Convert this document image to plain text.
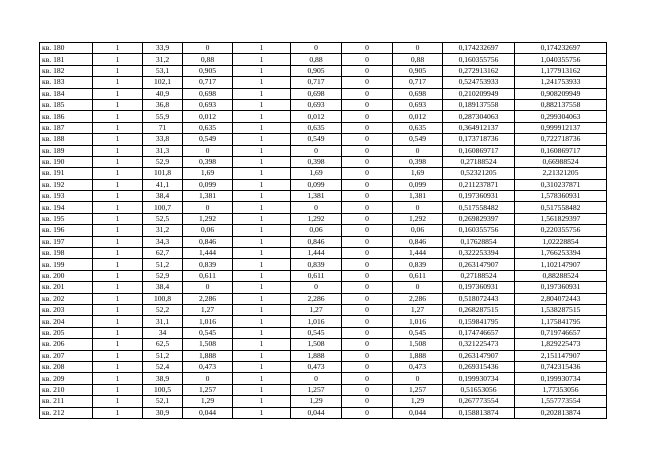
кв. 180	1	33,9	0	1	0	0	0	0,174232697	0,174232697
кв. 181	1	31,2	0,88	1	0,88	0	0,88	0,160355756	1,040355756
кв. 182	1	53,1	0,905	1	0,905	0	0,905	0,272913162	1,177913162
кв. 183	1	102,1	0,717	1	0,717	0	0,717	0,524753933	1,241753933
кв. 184	1	40,9	0,698	1	0,698	0	0,698	0,210209949	0,908209949
кв. 185	1	36,8	0,693	1	0,693	0	0,693	0,189137558	0,882137558
кв. 186	1	55,9	0,012	1	0,012	0	0,012	0,287304063	0,299304063
кв. 187	1	71	0,635	1	0,635	0	0,635	0,364912137	0,999912137
кв. 188	1	33,8	0,549	1	0,549	0	0,549	0,173718736	0,722718736
кв. 189	1	31,3	0	1	0	0	0	0,160869717	0,160869717
кв. 190	1	52,9	0,398	1	0,398	0	0,398	0,27188524	0,66988524
кв. 191	1	101,8	1,69	1	1,69	0	1,69	0,52321205	2,21321205
кв. 192	1	41,1	0,099	1	0,099	0	0,099	0,211237871	0,310237871
кв. 193	1	38,4	1,381	1	1,381	0	1,381	0,197360931	1,578360931
кв. 194	1	100,7	0	1	0	0	0	0,517558482	0,517558482
кв. 195	1	52,5	1,292	1	1,292	0	1,292	0,269829397	1,561829397
кв. 196	1	31,2	0,06	1	0,06	0	0,06	0,160355756	0,220355756
кв. 197	1	34,3	0,846	1	0,846	0	0,846	0,17628854	1,02228854
кв. 198	1	62,7	1,444	1	1,444	0	1,444	0,322253394	1,766253394
кв. 199	1	51,2	0,839	1	0,839	0	0,839	0,263147907	1,102147907
кв. 200	1	52,9	0,611	1	0,611	0	0,611	0,27188524	0,88288524
кв. 201	1	38,4	0	1	0	0	0	0,197360931	0,197360931
кв. 202	1	100,8	2,286	1	2,286	0	2,286	0,518072443	2,804072443
кв. 203	1	52,2	1,27	1	1,27	0	1,27	0,268287515	1,538287515
кв. 204	1	31,1	1,016	1	1,016	0	1,016	0,159841795	1,175841795
кв. 205	1	34	0,545	1	0,545	0	0,545	0,174746657	0,719746657
кв. 206	1	62,5	1,508	1	1,508	0	1,508	0,321225473	1,829225473
кв. 207	1	51,2	1,888	1	1,888	0	1,888	0,263147907	2,151147907
кв. 208	1	52,4	0,473	1	0,473	0	0,473	0,269315436	0,742315436
кв. 209	1	38,9	0	1	0	0	0	0,199930734	0,199930734
кв. 210	1	100,5	1,257	1	1,257	0	1,257	0,51653056	1,77353056
кв. 211	1	52,1	1,29	1	1,29	0	1,29	0,267773554	1,557773554
кв. 212	1	30,9	0,044	1	0,044	0	0,044	0,158813874	0,202813874
